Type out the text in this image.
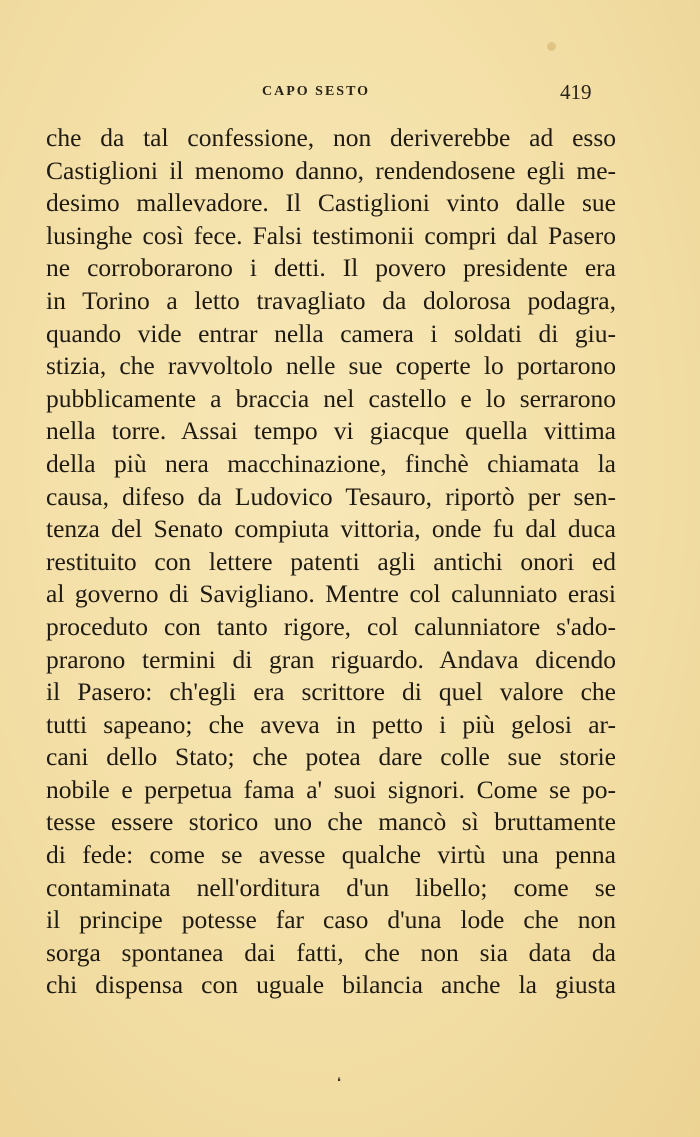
CAPO SESTO	419
che da tal confessione, non deriverebbe ad esso
Castiglioni il menomo danno, rendendosene egli me-
desimo mallevadore. Il Castiglioni vinto dalle sue
lusinghe così fece. Falsi testimonii compri dal Pasero
ne corroborarono i detti. Il povero presidente era
in Torino a letto travagliato da dolorosa podagra,
quando vide entrar nella camera i soldati di giu-
stizia, che ravvoltolo nelle sue coperte lo portarono
pubblicamente a braccia nel castello e lo serrarono
nella torre. Assai tempo vi giacque quella vittima
della più nera macchinazione, finchè chiamata la
causa, difeso da Ludovico Tesauro, riportò per sen-
tenza del Senato compiuta vittoria, onde fu dal duca
restituito con lettere patenti agli antichi onori ed
al governo di Savigliano. Mentre col calunniato erasi
proceduto con tanto rigore, col calunniatore s'ado-
prarono termini di gran riguardo. Andava dicendo
il Pasero: ch'egli era scrittore di quel valore che
tutti sapeano; che aveva in petto i più gelosi ar-
cani dello Stato; che potea dare colle sue storie
nobile e perpetua fama a' suoi signori. Come se po-
tesse essere storico uno che mancò sì bruttamente
di fede: come se avesse qualche virtù una penna
contaminata nell'orditura d'un libello; come se
il principe potesse far caso d'una lode che non
sorga spontanea dai fatti, che non sia data da
chi dispensa con uguale bilancia anche la giusta
❛
